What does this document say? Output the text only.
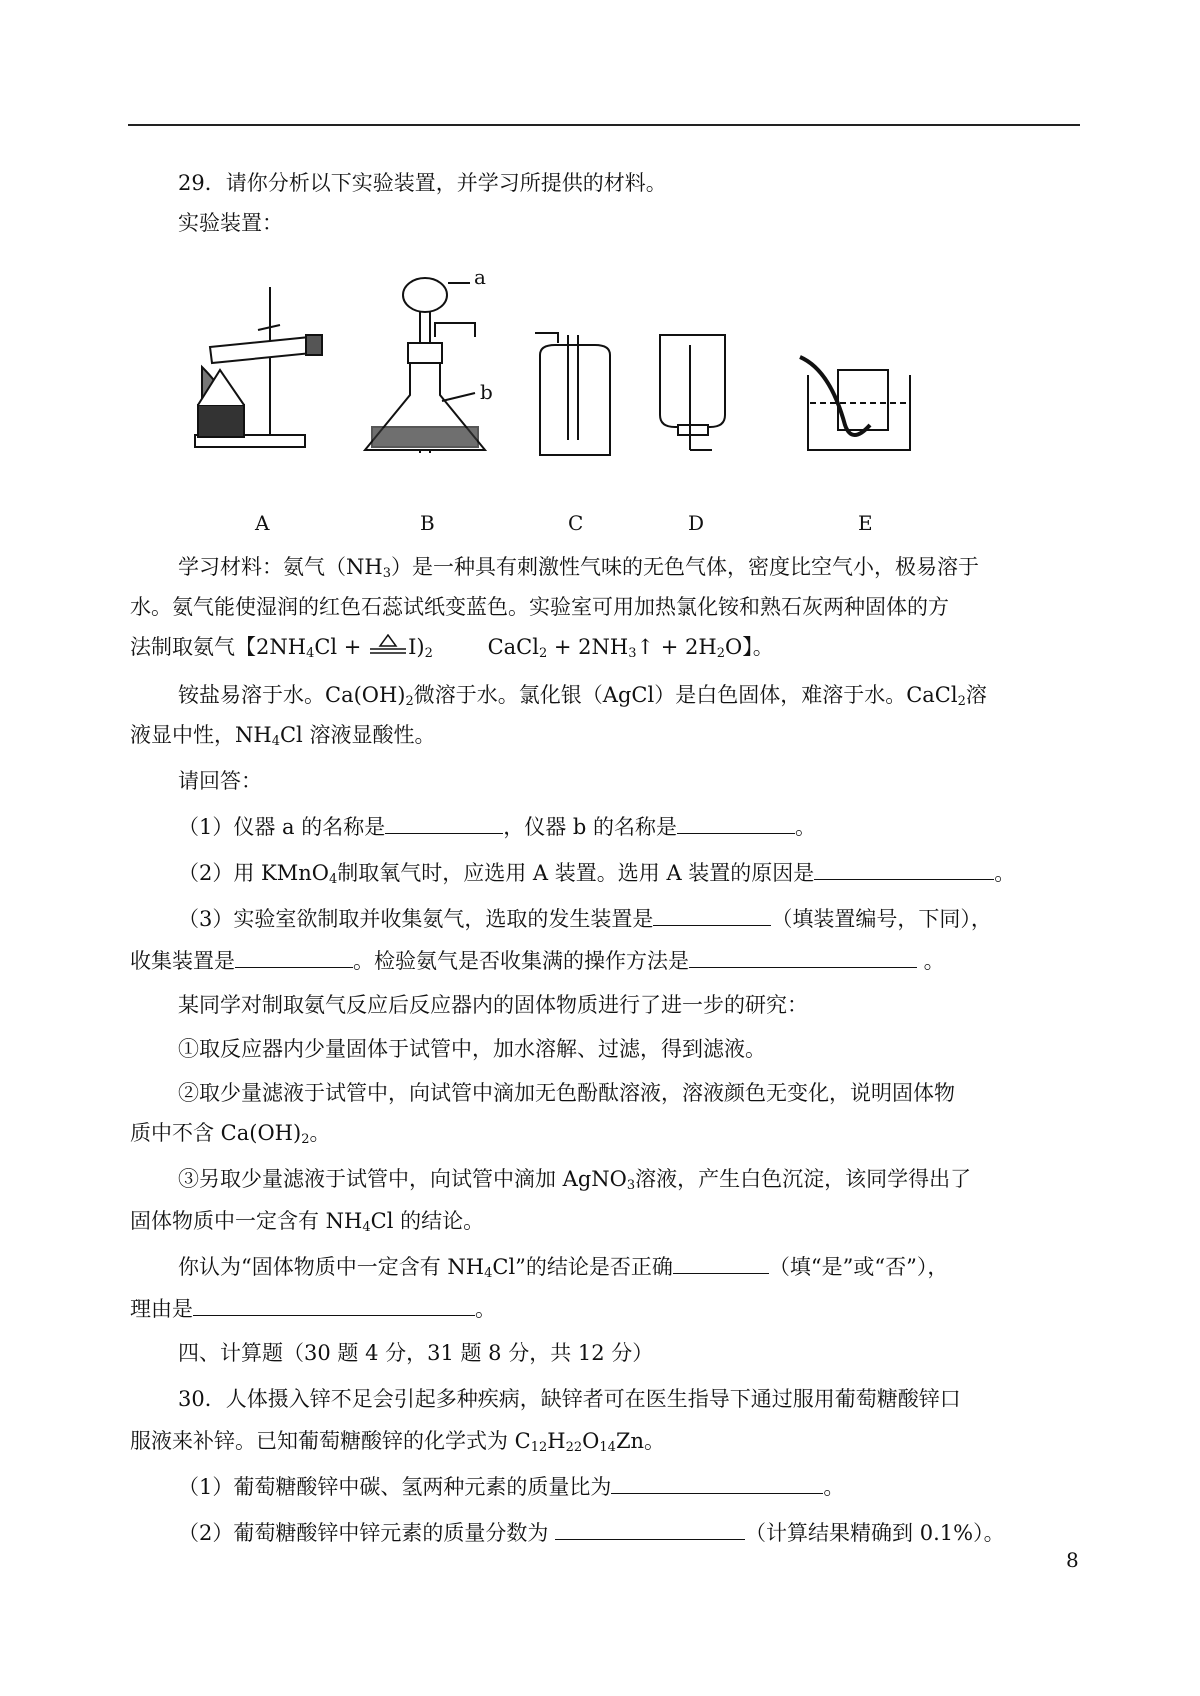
29．请你分析以下实验装置，并学习所提供的材料。
实验装置：
A	B	C	D	E
a
b
学习材料：氨气$(NH_3)$是一种具有刺激性气味的无色气体，密度比空气小，极易溶于
水。氨气能使湿润的红色石蕊试纸变蓝色。实验室可用加热氯化铵和熟石灰两种固体的方
法制取氨气【$2NH_4Cl + I)_2$	CaCl$_2$ + $2NH_3↑ + 2H_2O$】。
铵盐易溶于水。$Ca(OH)_2$微溶于水。氯化银（AgCl）是白色固体，难溶于水。CaCl$_2$溶
液显中性，$NH_4Cl$ 溶液显酸性。
请回答：
（1）仪器 a 的名称是	，仪器 b 的名称是	。
（2）用 KMnO$_4$制取氧气时，应选用 A 装置。选用 A 装置的原因是	。
（3）实验室欲制取并收集氨气，选取的发生装置是	（填装置编号，下同），
收集装置是	。检验氨气是否收集满的操作方法是	。
某同学对制取氨气反应后反应器内的固体物质进行了进一步的研究：
①取反应器内少量固体于试管中，加水溶解、过滤，得到滤液。
②取少量滤液于试管中，向试管中滴加无色酚酞溶液，溶液颜色无变化，说明固体物
质中不含 $Ca(OH)_2$。
③另取少量滤液于试管中，向试管中滴加 AgNO$_3$溶液，产生白色沉淀，该同学得出了
固体物质中一定含有 $NH_4Cl$ 的结论。
你认为“固体物质中一定含有 $NH_4Cl$”的结论是否正确	（填“是”或“否”），
理由是	。
四、计算题（30 题 4 分，31 题 8 分，共 12 分）
30．人体摄入锌不足会引起多种疾病，缺锌者可在医生指导下通过服用葡萄糖酸锌口
服液来补锌。已知葡萄糖酸锌的化学式为 $C_{12}H_{22}O_{14}Zn$。
（1）葡萄糖酸锌中碳、氢两种元素的质量比为	。
（2）葡萄糖酸锌中锌元素的质量分数为	（计算结果精确到 0.1%）。
8
